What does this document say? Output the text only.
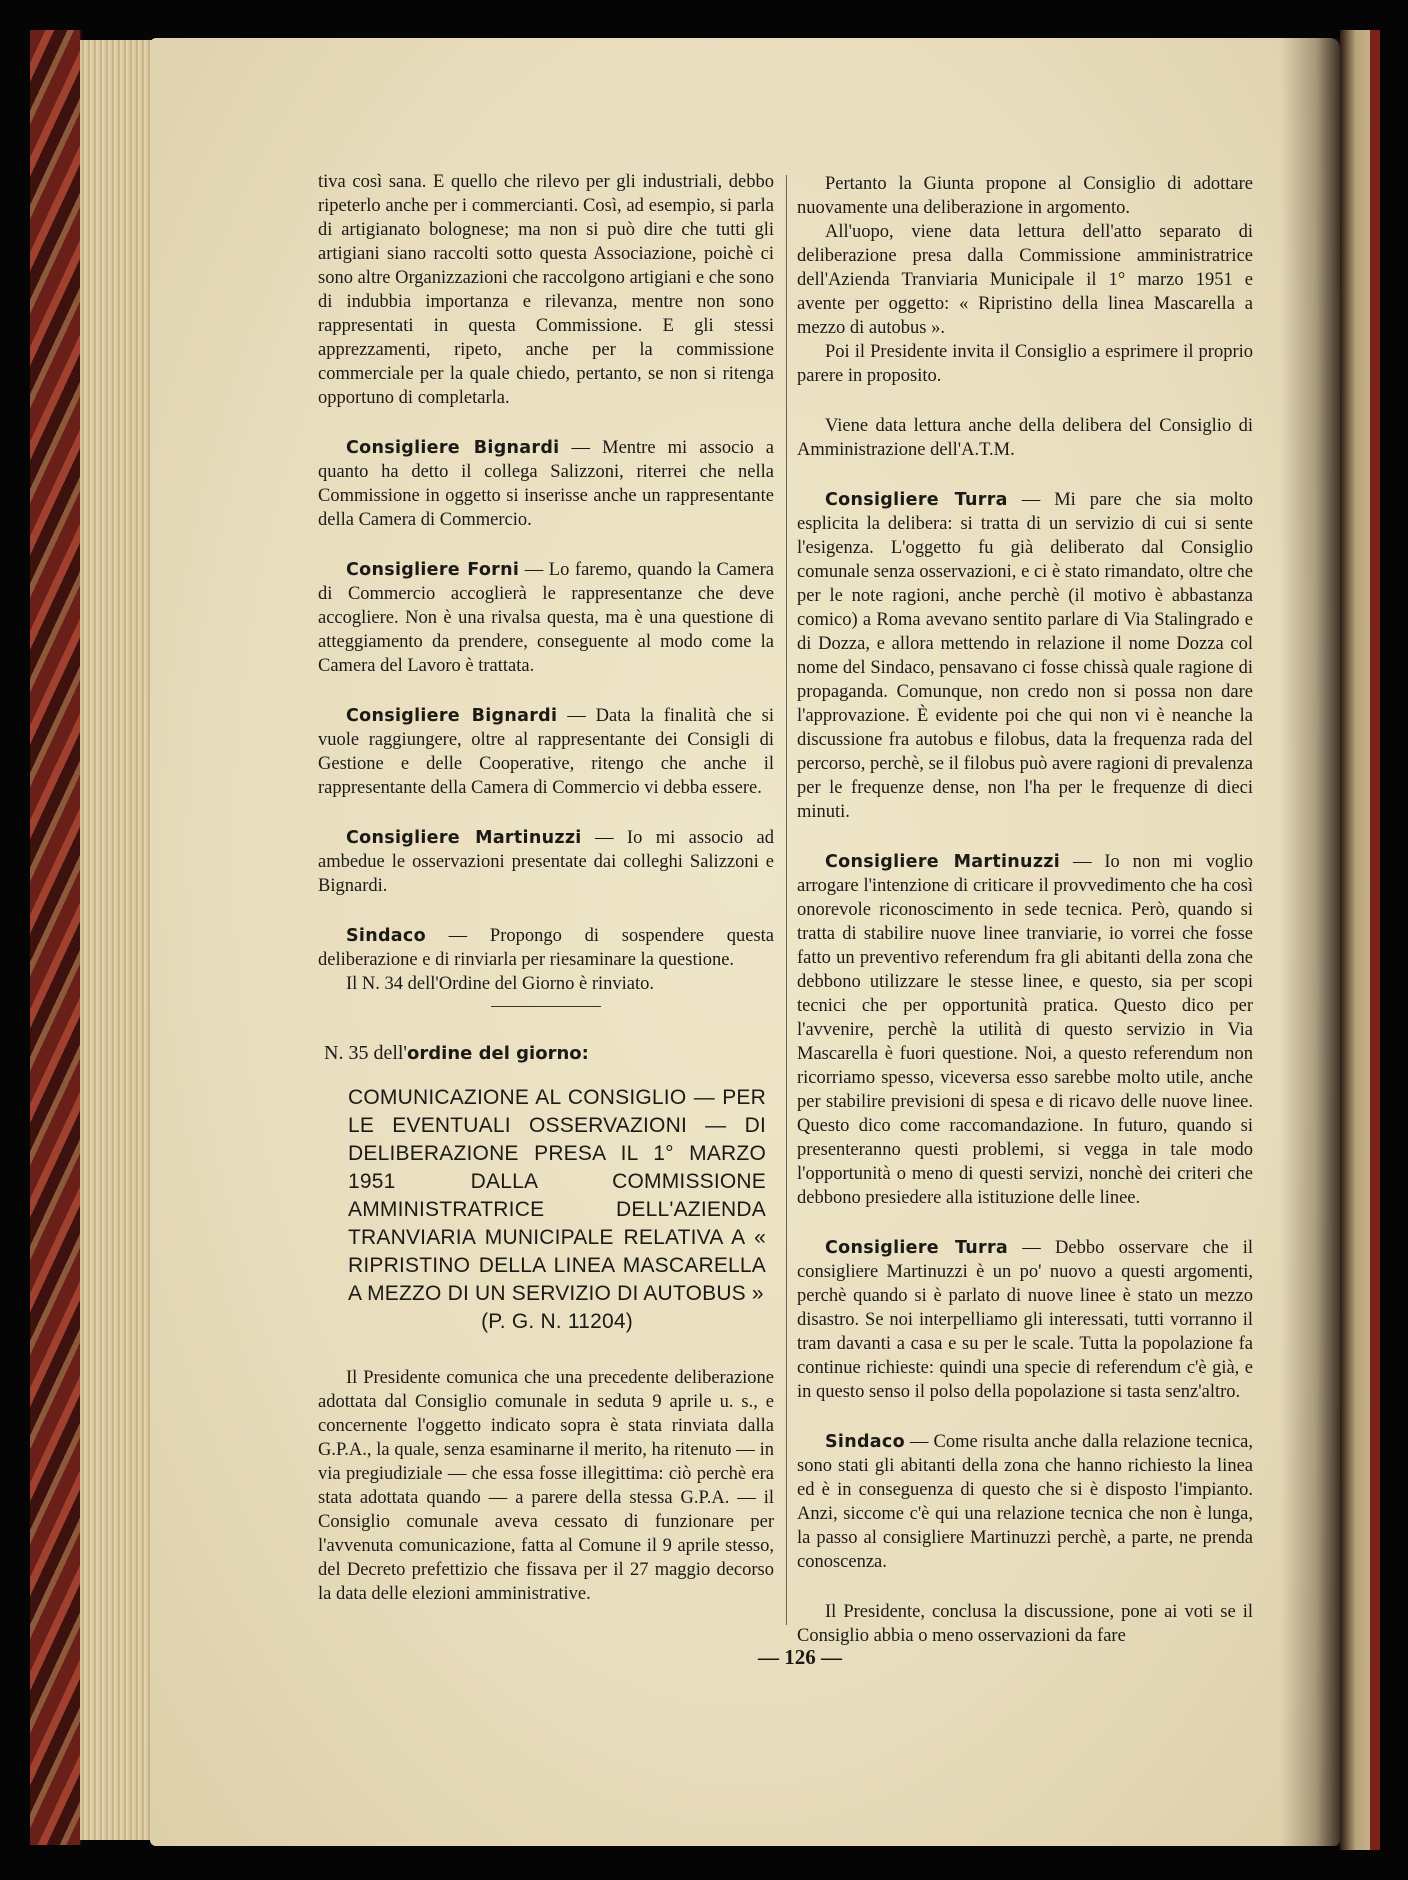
tiva così sana. E quello che rilevo per gli industriali, debbo ripeterlo anche per i commercianti. Così, ad esempio, si parla di artigianato bolognese; ma non si può dire che tutti gli artigiani siano raccolti sotto questa Associazione, poichè ci sono altre Organizzazioni che raccolgono artigiani e che sono di indubbia importanza e rilevanza, mentre non sono rappresentati in questa Commissione. E gli stessi apprezzamenti, ripeto, anche per la commissione commerciale per la quale chiedo, pertanto, se non si ritenga opportuno di completarla.

Consigliere Bignardi — Mentre mi associo a quanto ha detto il collega Salizzoni, riterrei che nella Commissione in oggetto si inserisse anche un rappresentante della Camera di Commercio.

Consigliere Forni — Lo faremo, quando la Camera di Commercio accoglierà le rappresentanze che deve accogliere. Non è una rivalsa questa, ma è una questione di atteggiamento da prendere, conseguente al modo come la Camera del Lavoro è trattata.

Consigliere Bignardi — Data la finalità che si vuole raggiungere, oltre al rappresentante dei Consigli di Gestione e delle Cooperative, ritengo che anche il rappresentante della Camera di Commercio vi debba essere.

Consigliere Martinuzzi — Io mi associo ad ambedue le osservazioni presentate dai colleghi Salizzoni e Bignardi.

Sindaco — Propongo di sospendere questa deliberazione e di rinviarla per riesaminare la questione.

Il N. 34 dell'Ordine del Giorno è rinviato.

N. 35 dell'ordine del giorno:

COMUNICAZIONE AL CONSIGLIO — PER LE EVENTUALI OSSERVAZIONI — DI DELIBERAZIONE PRESA IL 1° MARZO 1951 DALLA COMMISSIONE AMMINISTRATRICE DELL'AZIENDA TRANVIARIA MUNICIPALE RELATIVA A « RIPRISTINO DELLA LINEA MASCARELLA A MEZZO DI UN SERVIZIO DI AUTOBUS »
(P. G. N. 11204)

Il Presidente comunica che una precedente deliberazione adottata dal Consiglio comunale in seduta 9 aprile u. s., e concernente l'oggetto indicato sopra è stata rinviata dalla G.P.A., la quale, senza esaminarne il merito, ha ritenuto — in via pregiudiziale — che essa fosse illegittima: ciò perchè era stata adottata quando — a parere della stessa G.P.A. — il Consiglio comunale aveva cessato di funzionare per l'avvenuta comunicazione, fatta al Comune il 9 aprile stesso, del Decreto prefettizio che fissava per il 27 maggio decorso la data delle elezioni amministrative.

Pertanto la Giunta propone al Consiglio di adottare nuovamente una deliberazione in argomento.

All'uopo, viene data lettura dell'atto separato di deliberazione presa dalla Commissione amministratrice dell'Azienda Tranviaria Municipale il 1° marzo 1951 e avente per oggetto: « Ripristino della linea Mascarella a mezzo di autobus ».

Poi il Presidente invita il Consiglio a esprimere il proprio parere in proposito.

Viene data lettura anche della delibera del Consiglio di Amministrazione dell'A.T.M.

Consigliere Turra — Mi pare che sia molto esplicita la delibera: si tratta di un servizio di cui si sente l'esigenza. L'oggetto fu già deliberato dal Consiglio comunale senza osservazioni, e ci è stato rimandato, oltre che per le note ragioni, anche perchè (il motivo è abbastanza comico) a Roma avevano sentito parlare di Via Stalingrado e di Dozza, e allora mettendo in relazione il nome Dozza col nome del Sindaco, pensavano ci fosse chissà quale ragione di propaganda. Comunque, non credo non si possa non dare l'approvazione. È evidente poi che qui non vi è neanche la discussione fra autobus e filobus, data la frequenza rada del percorso, perchè, se il filobus può avere ragioni di prevalenza per le frequenze dense, non l'ha per le frequenze di dieci minuti.

Consigliere Martinuzzi — Io non mi voglio arrogare l'intenzione di criticare il provvedimento che ha così onorevole riconoscimento in sede tecnica. Però, quando si tratta di stabilire nuove linee tranviarie, io vorrei che fosse fatto un preventivo referendum fra gli abitanti della zona che debbono utilizzare le stesse linee, e questo, sia per scopi tecnici che per opportunità pratica. Questo dico per l'avvenire, perchè la utilità di questo servizio in Via Mascarella è fuori questione. Noi, a questo referendum non ricorriamo spesso, viceversa esso sarebbe molto utile, anche per stabilire previsioni di spesa e di ricavo delle nuove linee. Questo dico come raccomandazione. In futuro, quando si presenteranno questi problemi, si vegga in tale modo l'opportunità o meno di questi servizi, nonchè dei criteri che debbono presiedere alla istituzione delle linee.

Consigliere Turra — Debbo osservare che il consigliere Martinuzzi è un po' nuovo a questi argomenti, perchè quando si è parlato di nuove linee è stato un mezzo disastro. Se noi interpelliamo gli interessati, tutti vorranno il tram davanti a casa e su per le scale. Tutta la popolazione fa continue richieste: quindi una specie di referendum c'è già, e in questo senso il polso della popolazione si tasta senz'altro.

Sindaco — Come risulta anche dalla relazione tecnica, sono stati gli abitanti della zona che hanno richiesto la linea ed è in conseguenza di questo che si è disposto l'impianto. Anzi, siccome c'è qui una relazione tecnica che non è lunga, la passo al consigliere Martinuzzi perchè, a parte, ne prenda conoscenza.

Il Presidente, conclusa la discussione, pone ai voti se il Consiglio abbia o meno osservazioni da fare

— 126 —
